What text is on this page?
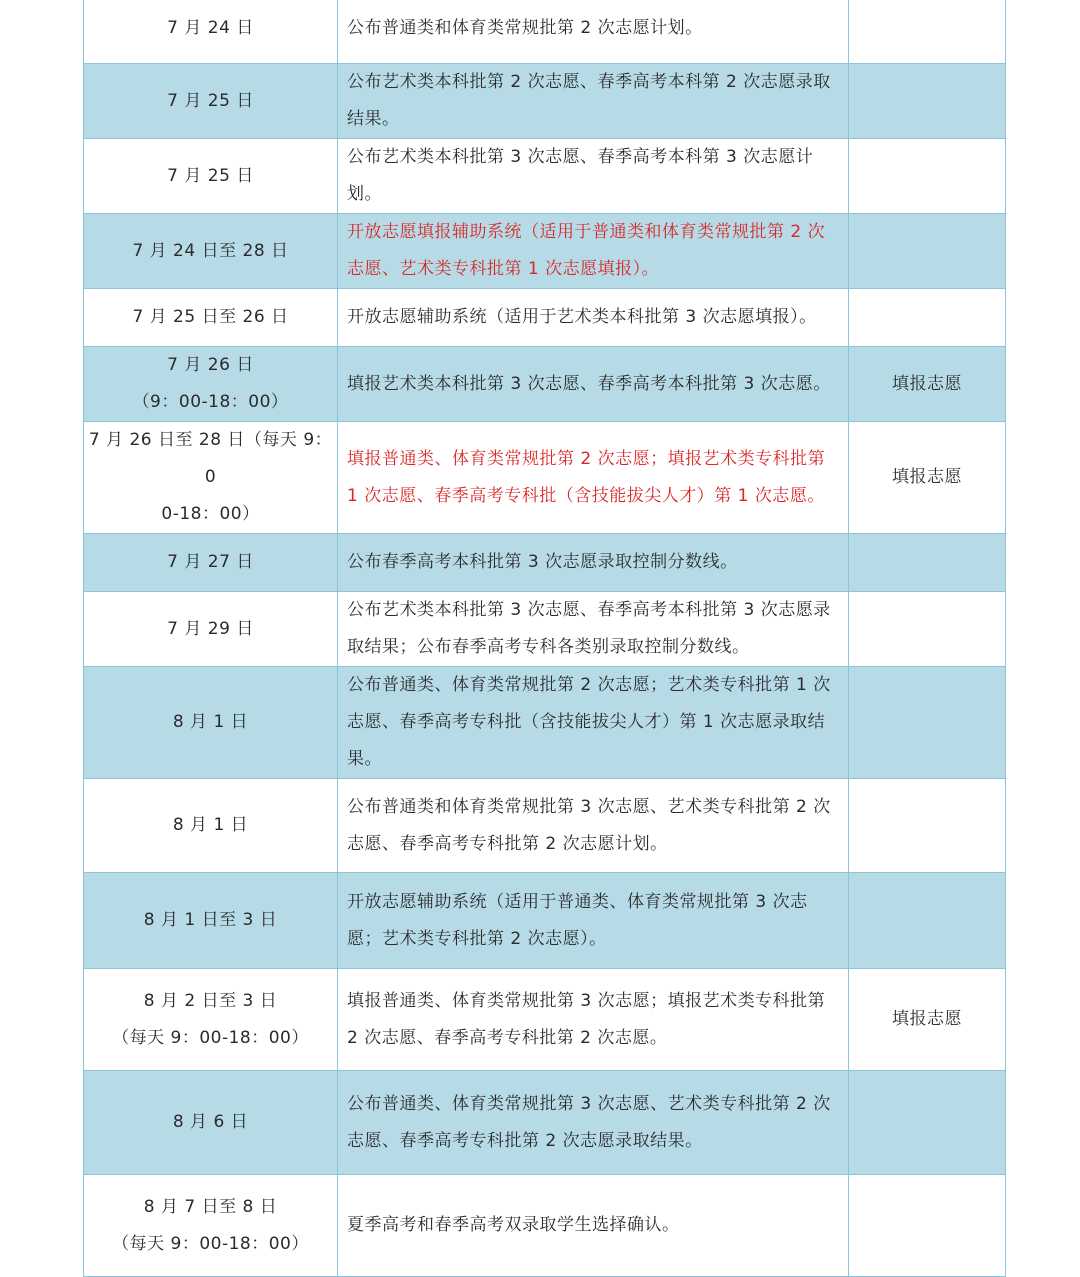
7 月 24 日	公布普通类和体育类常规批第 2 次志愿计划。	

7 月 25 日	公布艺术类本科批第 2 次志愿、春季高考本科第 2 次志愿录取结果。	

7 月 25 日	公布艺术类本科批第 3 次志愿、春季高考本科第 3 次志愿计划。	

7 月 24 日至 28 日	开放志愿填报辅助系统（适用于普通类和体育类常规批第 2 次志愿、艺术类专科批第 1 次志愿填报）。	

7 月 25 日至 26 日	开放志愿辅助系统（适用于艺术类本科批第 3 次志愿填报）。	

7 月 26 日
（9：00-18：00）	填报艺术类本科批第 3 次志愿、春季高考本科批第 3 次志愿。	填报志愿

7 月 26 日至 28 日（每天 9：0
0-18：00）	填报普通类、体育类常规批第 2 次志愿；填报艺术类专科批第 1 次志愿、春季高考专科批（含技能拔尖人才）第 1 次志愿。	填报志愿

7 月 27 日	公布春季高考本科批第 3 次志愿录取控制分数线。	

7 月 29 日	公布艺术类本科批第 3 次志愿、春季高考本科批第 3 次志愿录取结果；公布春季高考专科各类别录取控制分数线。	

8 月 1 日	公布普通类、体育类常规批第 2 次志愿；艺术类专科批第 1 次志愿、春季高考专科批（含技能拔尖人才）第 1 次志愿录取结果。	

8 月 1 日	公布普通类和体育类常规批第 3 次志愿、艺术类专科批第 2 次志愿、春季高考专科批第 2 次志愿计划。	

8 月 1 日至 3 日	开放志愿辅助系统（适用于普通类、体育类常规批第 3 次志愿；艺术类专科批第 2 次志愿）。	

8 月 2 日至 3 日
（每天 9：00-18：00）	填报普通类、体育类常规批第 3 次志愿；填报艺术类专科批第 2 次志愿、春季高考专科批第 2 次志愿。	填报志愿

8 月 6 日	公布普通类、体育类常规批第 3 次志愿、艺术类专科批第 2 次志愿、春季高考专科批第 2 次志愿录取结果。	

8 月 7 日至 8 日
（每天 9：00-18：00）	夏季高考和春季高考双录取学生选择确认。	
